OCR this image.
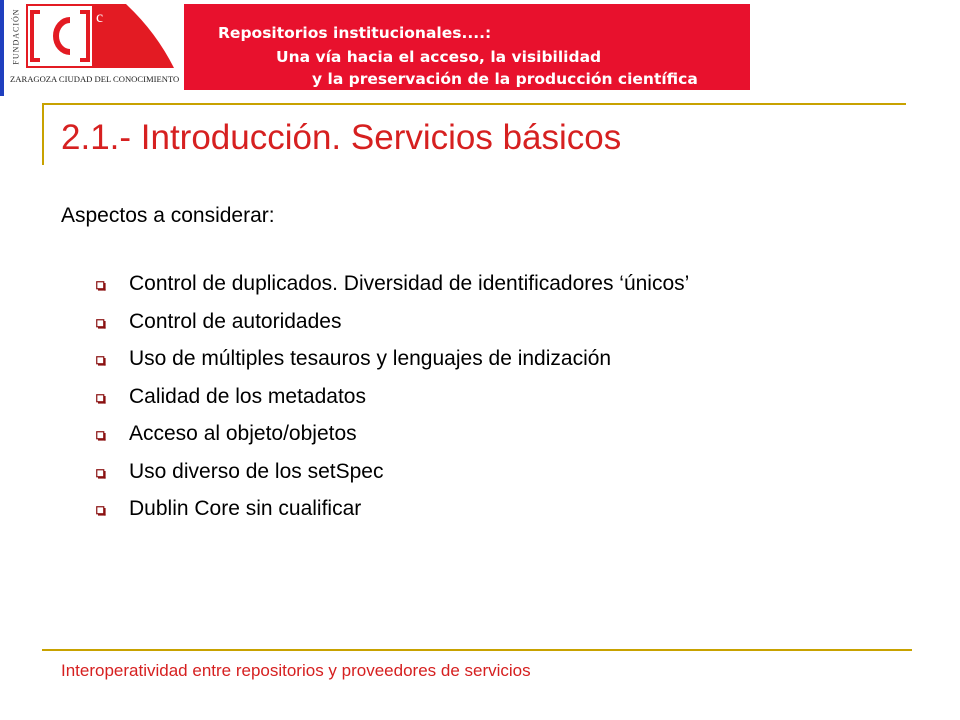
FUNDACIÓN	c
ZARAGOZA CIUDAD DEL CONOCIMIENTO
Repositorios institucionales....:
Una vía hacia el acceso, la visibilidad
y la preservación de la producción científica
2.1.- Introducción. Servicios básicos
Aspectos a considerar:
Control de duplicados. Diversidad de identificadores ‘únicos’
Control de autoridades
Uso de múltiples tesauros y lenguajes de indización
Calidad de los metadatos
Acceso al objeto/objetos
Uso diverso de los setSpec
Dublin Core sin cualificar
Interoperatividad entre repositorios y proveedores de servicios
